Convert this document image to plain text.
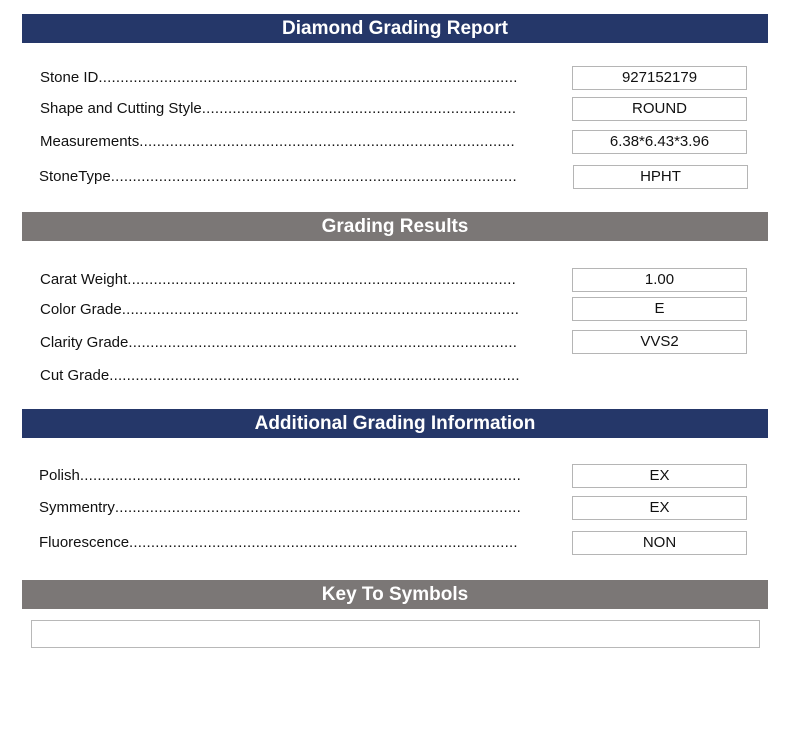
Diamond Grading Report
Stone ID................................................................................................	927152179
Shape and Cutting Style........................................................................	ROUND
Measurements......................................................................................	6.38*6.43*3.96
StoneType.............................................................................................	HPHT
Grading Results
Carat Weight.........................................................................................	1.00
Color Grade...........................................................................................	E
Clarity Grade.........................................................................................	VVS2
Cut Grade..............................................................................................
Additional Grading Information
Polish.....................................................................................................	EX
Symmentry.............................................................................................	EX
Fluorescence.........................................................................................	NON
Key To Symbols
